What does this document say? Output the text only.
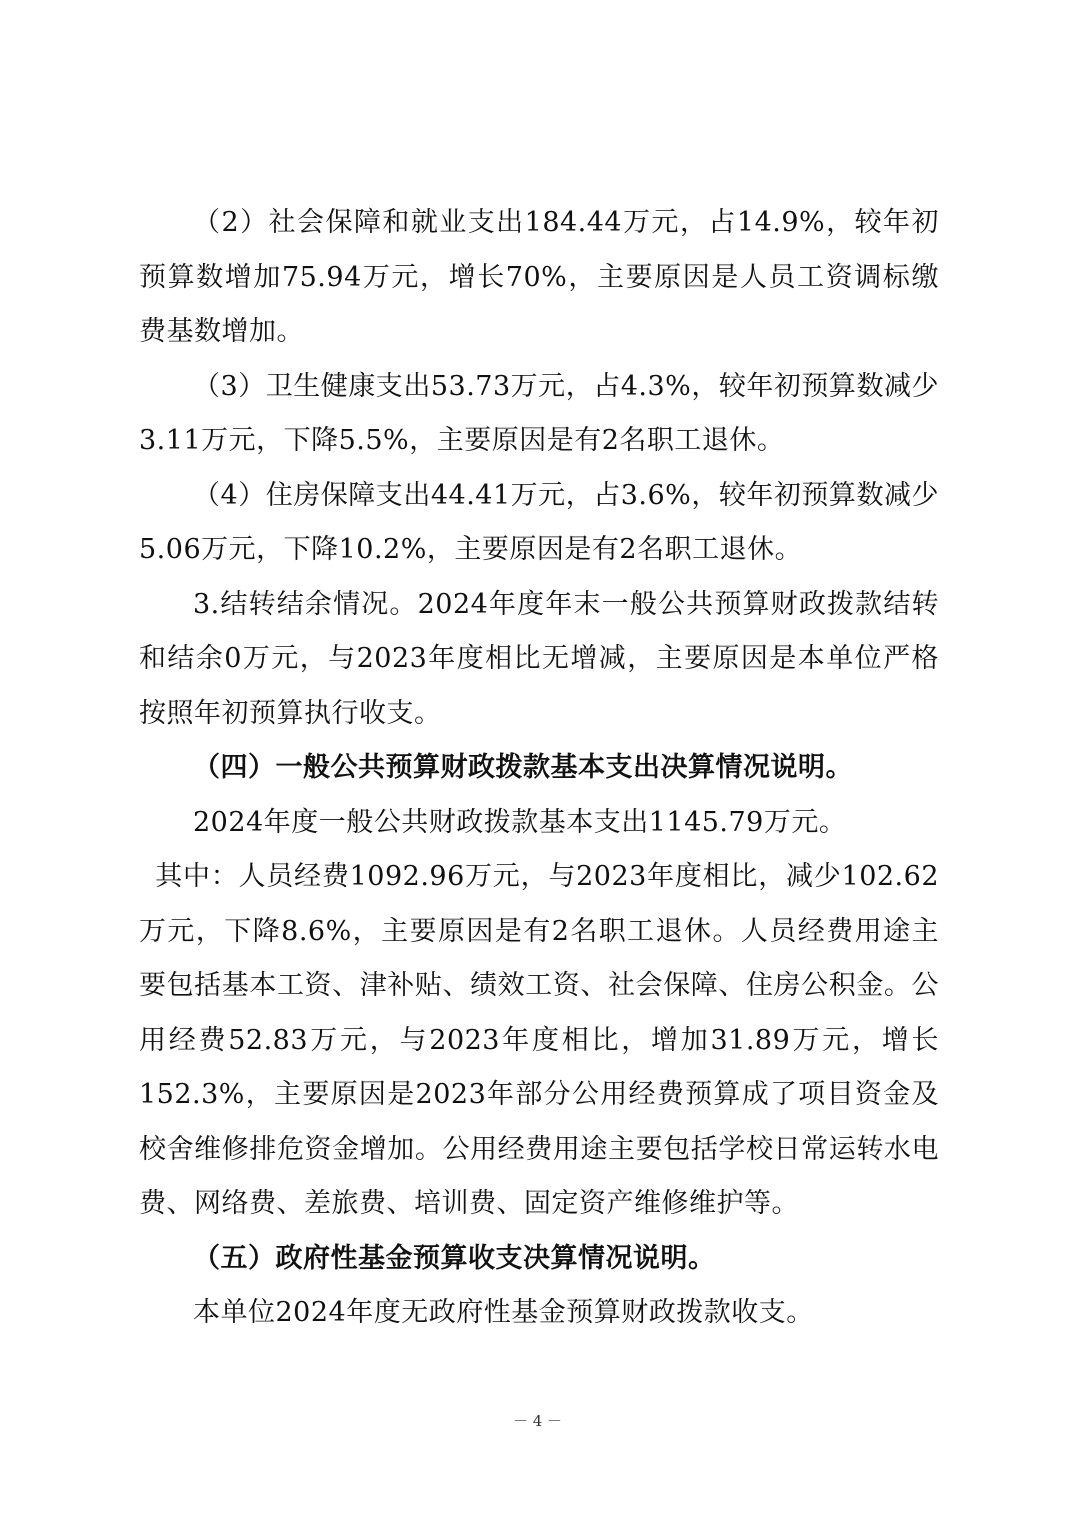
（2）社会保障和就业支出184.44万元，占14.9%，较年初预算数增加75.94万元，增长70%，主要原因是人员工资调标缴费基数增加。

（3）卫生健康支出53.73万元，占4.3%，较年初预算数减少3.11万元，下降5.5%，主要原因是有2名职工退休。

（4）住房保障支出44.41万元，占3.6%，较年初预算数减少5.06万元，下降10.2%，主要原因是有2名职工退休。

3.结转结余情况。2024年度年末一般公共预算财政拨款结转和结余0万元，与2023年度相比无增减，主要原因是本单位严格按照年初预算执行收支。

（四）一般公共预算财政拨款基本支出决算情况说明。

2024年度一般公共财政拨款基本支出1145.79万元。

其中：人员经费1092.96万元，与2023年度相比，减少102.62万元，下降8.6%，主要原因是有2名职工退休。人员经费用途主要包括基本工资、津补贴、绩效工资、社会保障、住房公积金。公用经费52.83万元，与2023年度相比，增加31.89万元，增长152.3%，主要原因是2023年部分公用经费预算成了项目资金及校舍维修排危资金增加。公用经费用途主要包括学校日常运转水电费、网络费、差旅费、培训费、固定资产维修维护等。

（五）政府性基金预算收支决算情况说明。

本单位2024年度无政府性基金预算财政拨款收支。

－ 4 －
